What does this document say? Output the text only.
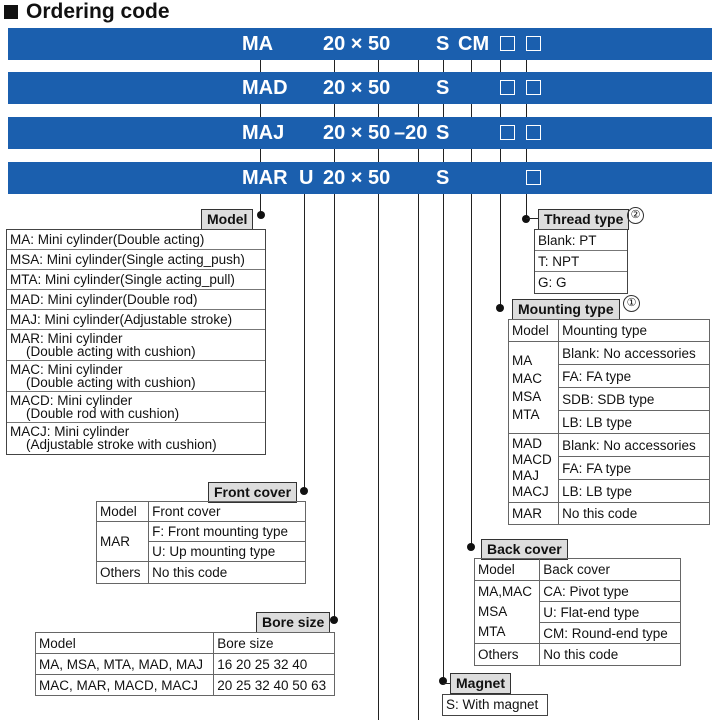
Ordering code
MA 20 × 50 S CM
MAD 20 × 50 S
MAJ 20 × 50 –20 S
MAR U 20 × 50 S
Model
MA: Mini cylinder(Double acting)
MSA: Mini cylinder(Single acting_push)
MTA: Mini cylinder(Single acting_pull)
MAD: Mini cylinder(Double rod)
MAJ: Mini cylinder(Adjustable stroke)
MAR: Mini cylinder
(Double acting with cushion)
MAC: Mini cylinder
(Double acting with cushion)
MACD: Mini cylinder
(Double rod with cushion)
MACJ: Mini cylinder
(Adjustable stroke with cushion)
Front cover
Model	Front cover
MAR	F: Front mounting type
	U: Up mounting type
Others	No this code
Bore size
Model	Bore size
MA, MSA, MTA, MAD, MAJ	16 20 25 32 40
MAC, MAR, MACD, MACJ	20 25 32 40 50 63
Thread type ②
Blank: PT
T: NPT
G: G
Mounting type	①
Model	Mounting type

MA
MAC
MSA
MTA	Blank: No accessories
	FA: FA type
	SDB: SDB type
	LB: LB type

MAD
MACD
MAJ
MACJ	Blank: No accessories
	FA: FA type
	LB: LB type
MAR	No this code
Back cover
Model	Back cover

MA,MAC
MSA
MTA	CA: Pivot type
	U: Flat-end type
	CM: Round-end type
Others	No this code
Magnet
S: With magnet
